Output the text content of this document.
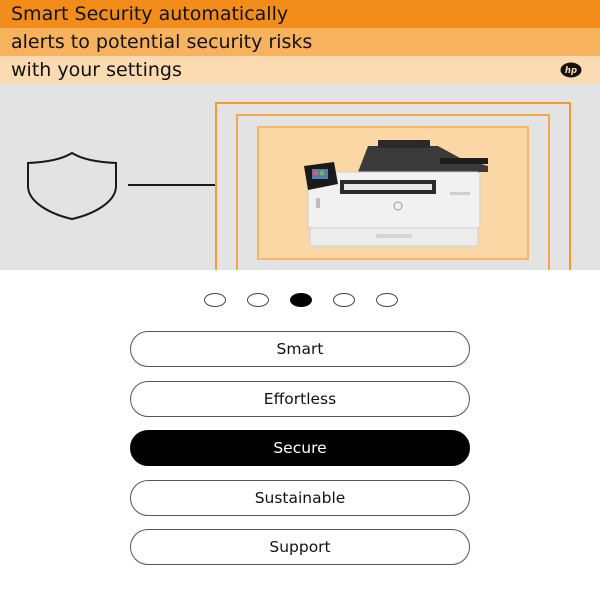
Smart Security automatically
alerts to potential security risks
with your settings	hp
Smart
Effortless
Secure
Sustainable
Support
